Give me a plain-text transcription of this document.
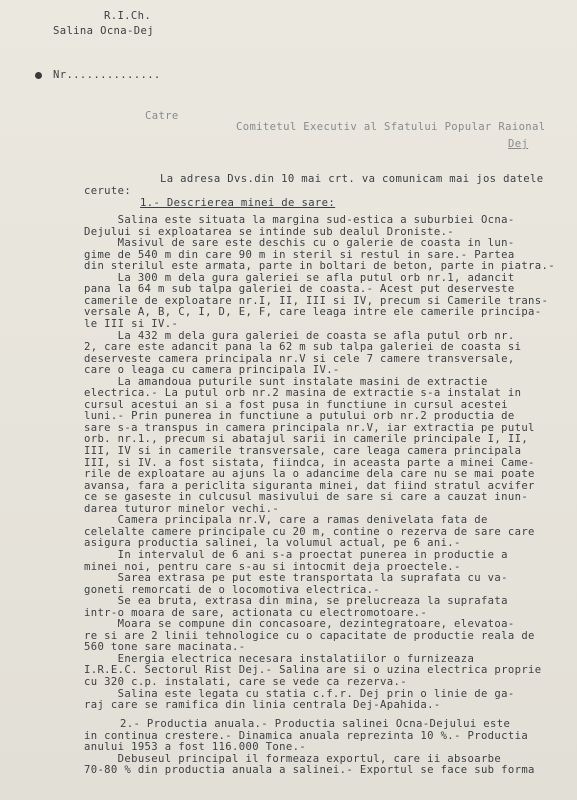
R.I.Ch.
Salina Ocna-Dej
Nr..............
Catre
Comitetul Executiv al Sfatului Popular Raional
Dej
La adresa Dvs.din 10 mai crt. va comunicam mai jos datele
cerute:
1.- Descrierea minei de sare:
2.- Productia anuala.- Productia salinei Ocna-Dejului este
Salina este situata la margina sud-estica a suburbiei Ocna-
Dejului si exploatarea se intinde sub dealul Droniste.-
Masivul de sare este deschis cu o galerie de coasta in lun-
gime de 540 m din care 90 m in steril si restul in sare.- Partea
din sterilul este armata, parte in boltari de beton, parte in piatra.-
La 300 m dela gura galeriei se afla putul orb nr.1, adancit
pana la 64 m sub talpa galeriei de coasta.- Acest put deserveste
camerile de exploatare nr.I, II, III si IV, precum si Camerile trans-
versale A, B, C, I, D, E, F, care leaga intre ele camerile principa-
le III si IV.-
La 432 m dela gura galeriei de coasta se afla putul orb nr.
2, care este adancit pana la 62 m sub talpa galeriei de coasta si
deserveste camera principala nr.V si cele 7 camere transversale,
care o leaga cu camera principala IV.-
La amandoua puturile sunt instalate masini de extractie
electrica.- La putul orb nr.2 masina de extractie s-a instalat in
cursul acestui an si a fost pusa in functiune in cursul acestei
luni.- Prin punerea in functiune a putului orb nr.2 productia de
sare s-a transpus in camera principala nr.V, iar extractia pe putul
orb. nr.1., precum si abatajul sarii in camerile principale I, II,
III, IV si in camerile transversale, care leaga camera principala
III, si IV. a fost sistata, fiindca, in aceasta parte a minei Came-
rile de exploatare au ajuns la o adancime dela care nu se mai poate
avansa, fara a periclita siguranta minei, dat fiind stratul acvifer
ce se gaseste in culcusul masivului de sare si care a cauzat inun-
darea tuturor minelor vechi.-
Camera principala nr.V, care a ramas denivelata fata de
celelalte camere principale cu 20 m, contine o rezerva de sare care
asigura productia salinei, la volumul actual, pe 6 ani.-
In intervalul de 6 ani s-a proectat punerea in productie a
minei noi, pentru care s-au si intocmit deja proectele.-
Sarea extrasa pe put este transportata la suprafata cu va-
goneti remorcati de o locomotiva electrica.-
Se ea bruta, extrasa din mina, se prelucreaza la suprafata
intr-o moara de sare, actionata cu electromotoare.-
Moara se compune din concasoare, dezintegratoare, elevatoa-
re si are 2 linii tehnologice cu o capacitate de productie reala de
560 tone sare macinata.-
Energia electrica necesara instalatiilor o furnizeaza
I.R.E.C. Sectorul Rist Dej.- Salina are si o uzina electrica proprie
cu 320 c.p. instalati, care se vede ca rezerva.-
Salina este legata cu statia c.f.r. Dej prin o linie de ga-
raj care se ramifica din linia centrala Dej-Apahida.-
in continua crestere.- Dinamica anuala reprezinta 10 %.- Productia
anului 1953 a fost 116.000 Tone.-
Debuseul principal il formeaza exportul, care ii absoarbe
70-80 % din productia anuala a salinei.- Exportul se face sub forma
